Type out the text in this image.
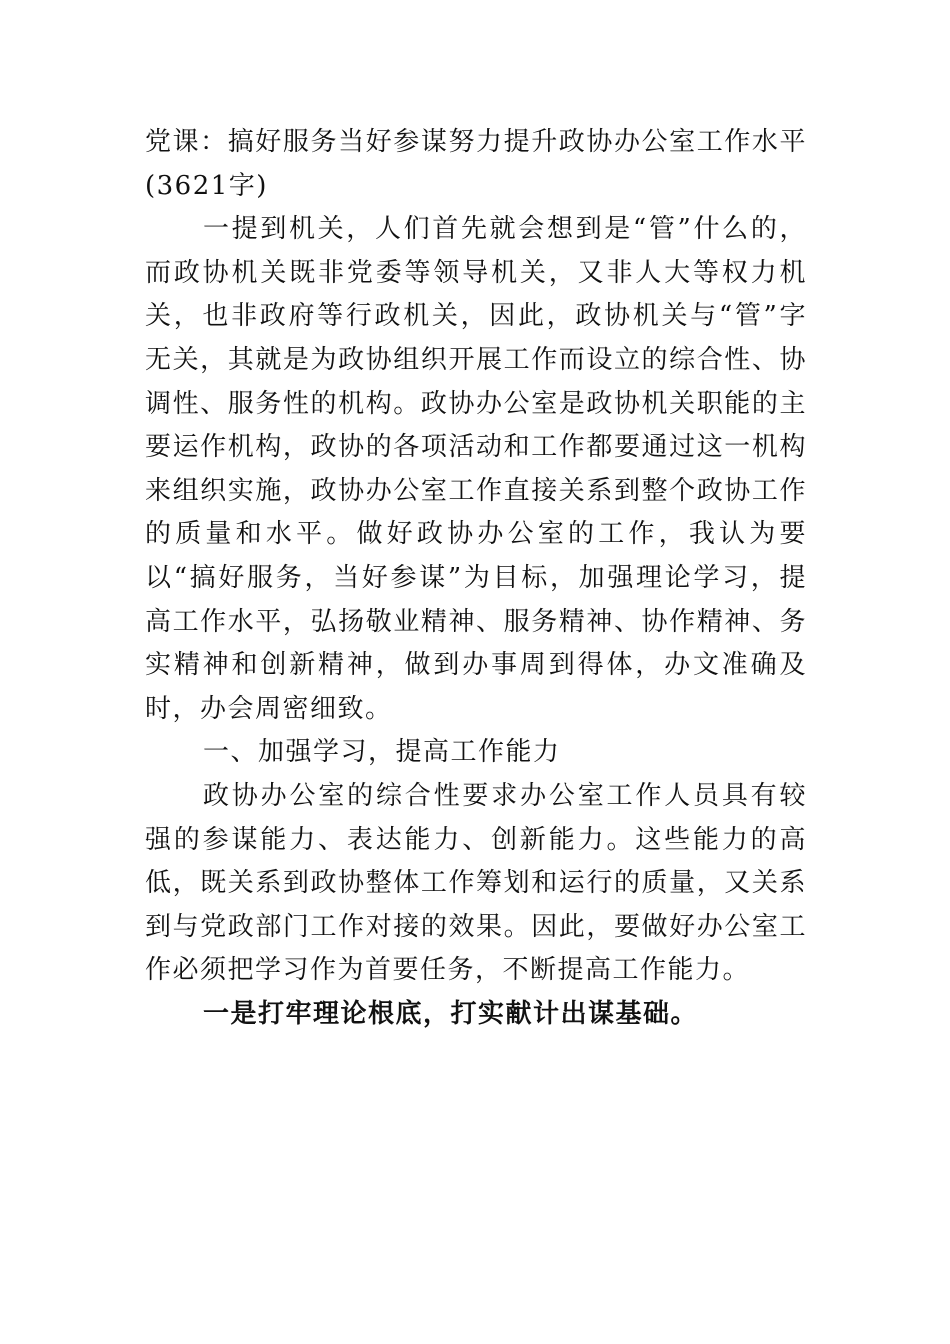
党课：搞好服务当好参谋努力提升政协办公室工作水平(3621字)

一提到机关，人们首先就会想到是“管”什么的，而政协机关既非党委等领导机关，又非人大等权力机关，也非政府等行政机关，因此，政协机关与“管”字无关，其就是为政协组织开展工作而设立的综合性、协调性、服务性的机构。政协办公室是政协机关职能的主要运作机构，政协的各项活动和工作都要通过这一机构来组织实施，政协办公室工作直接关系到整个政协工作的质量和水平。做好政协办公室的工作，我认为要以“搞好服务，当好参谋”为目标，加强理论学习，提高工作水平，弘扬敬业精神、服务精神、协作精神、务实精神和创新精神，做到办事周到得体，办文准确及时，办会周密细致。

一、加强学习，提高工作能力

政协办公室的综合性要求办公室工作人员具有较强的参谋能力、表达能力、创新能力。这些能力的高低，既关系到政协整体工作筹划和运行的质量，又关系到与党政部门工作对接的效果。因此，要做好办公室工作必须把学习作为首要任务，不断提高工作能力。

一是打牢理论根底，打实献计出谋基础。
